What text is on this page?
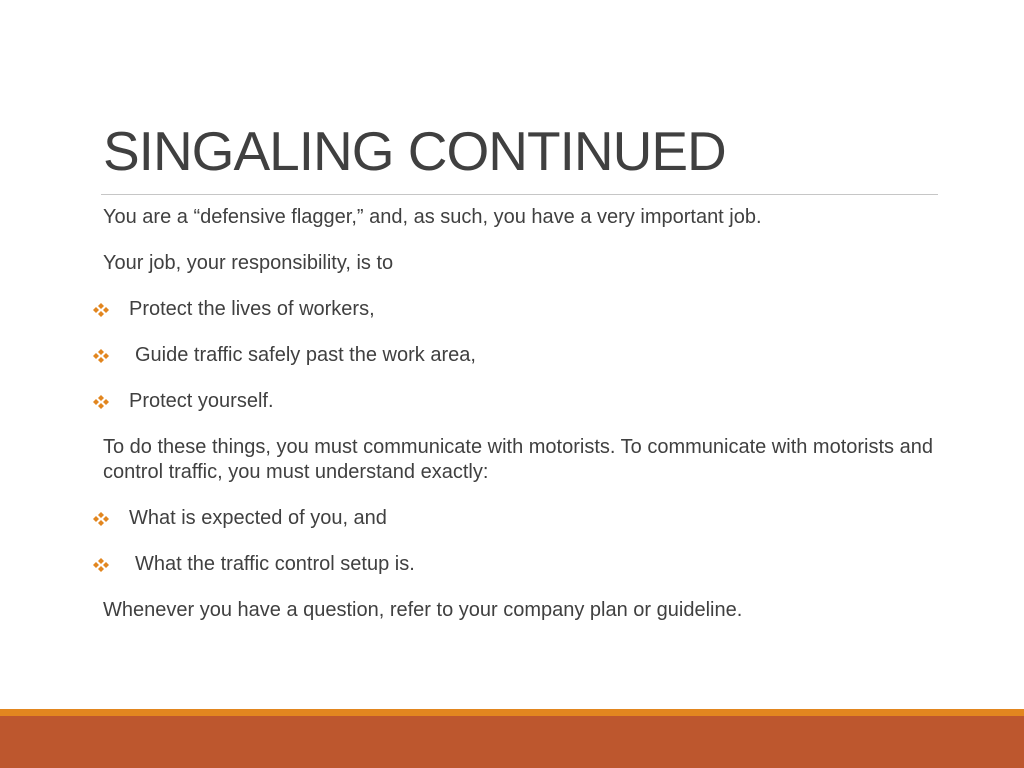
SINGALING CONTINUED

You are a “defensive flagger,” and, as such, you have a very important job.

Your job, your responsibility, is to

Protect the lives of workers,
Guide traffic safely past the work area,
Protect yourself.

To do these things, you must communicate with motorists. To communicate with motorists and control traffic, you must understand exactly:

What is expected of you, and
What the traffic control setup is.

Whenever you have a question, refer to your company plan or guideline.
